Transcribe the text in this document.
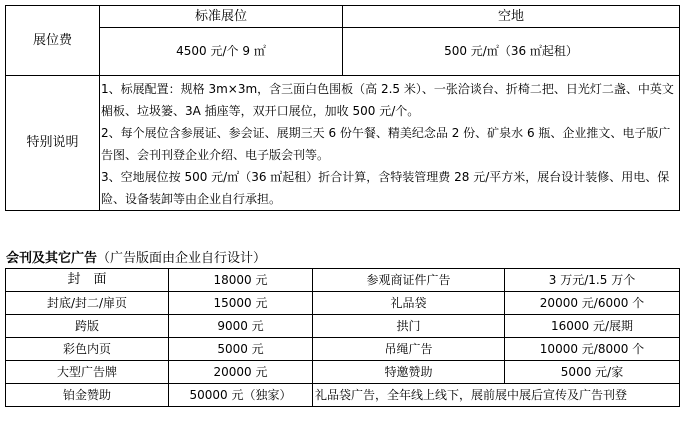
展位费	标准展位	空地
	4500 元/个 9 ㎡	500 元/㎡（36 ㎡起租）
特别说明	1、标展配置：规格 3m×3m，含三面白色围板（高 2.5 米）、一张洽谈台、折椅二把、日光灯二盏、中英文楣板、垃圾篓、3A 插座等，双开口展位，加收 500 元/个。

2、每个展位含参展证、参会证、展期三天 6 份午餐、精美纪念品 2 份、矿泉水 6 瓶、企业推文、电子版广告图、会刊刊登企业介绍、电子版会刊等。

3、空地展位按 500 元/㎡（36 ㎡起租）折合计算，含特装管理费 28 元/平方米，展台设计装修、用电、保险、设备装卸等由企业自行承担。	

会刊及其它广告（广告版面由企业自行设计）
封　面	18000 元	参观商证件广告	3 万元/1.5 万个
封底/封二/扉页	15000 元	礼品袋	20000 元/6000 个
跨版	9000 元	拱门	16000 元/展期
彩色内页	5000 元	吊绳广告	10000 元/8000 个
大型广告牌	20000 元	特邀赞助	5000 元/家
铂金赞助	50000 元（独家）	礼品袋广告，全年线上线下，展前展中展后宣传及广告刊登	
